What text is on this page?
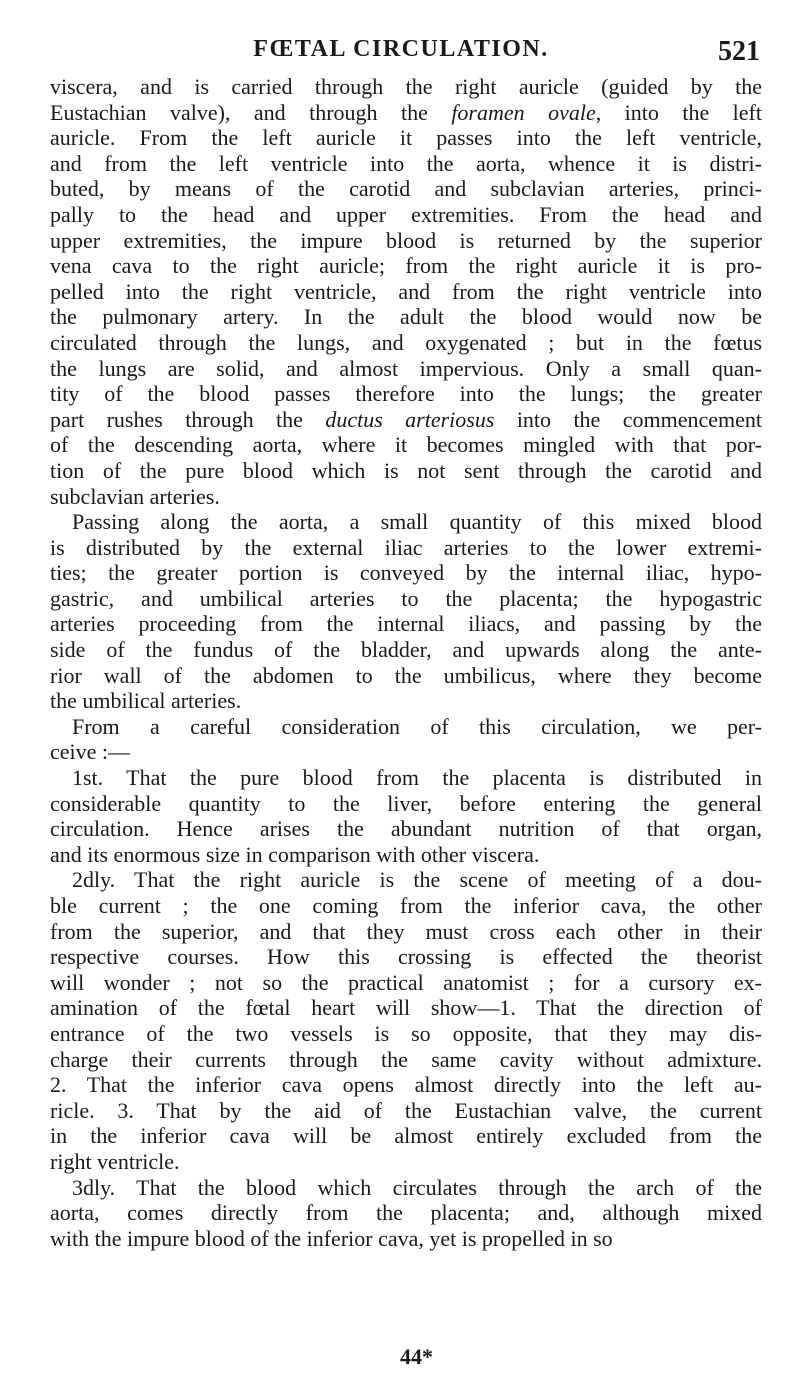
FŒTAL CIRCULATION.	521
viscera, and is carried through the right auricle (guided by the
Eustachian valve), and through the foramen ovale, into the left
auricle. From the left auricle it passes into the left ventricle,
and from the left ventricle into the aorta, whence it is distri-
buted, by means of the carotid and subclavian arteries, princi-
pally to the head and upper extremities. From the head and
upper extremities, the impure blood is returned by the superior
vena cava to the right auricle; from the right auricle it is pro-
pelled into the right ventricle, and from the right ventricle into
the pulmonary artery. In the adult the blood would now be
circulated through the lungs, and oxygenated ; but in the fœtus
the lungs are solid, and almost impervious. Only a small quan-
tity of the blood passes therefore into the lungs; the greater
part rushes through the ductus arteriosus into the commencement
of the descending aorta, where it becomes mingled with that por-
tion of the pure blood which is not sent through the carotid and
subclavian arteries.
Passing along the aorta, a small quantity of this mixed blood
is distributed by the external iliac arteries to the lower extremi-
ties; the greater portion is conveyed by the internal iliac, hypo-
gastric, and umbilical arteries to the placenta; the hypogastric
arteries proceeding from the internal iliacs, and passing by the
side of the fundus of the bladder, and upwards along the ante-
rior wall of the abdomen to the umbilicus, where they become
the umbilical arteries.
From a careful consideration of this circulation, we per-
ceive :—
1st. That the pure blood from the placenta is distributed in
considerable quantity to the liver, before entering the general
circulation. Hence arises the abundant nutrition of that organ,
and its enormous size in comparison with other viscera.
2dly. That the right auricle is the scene of meeting of a dou-
ble current ; the one coming from the inferior cava, the other
from the superior, and that they must cross each other in their
respective courses. How this crossing is effected the theorist
will wonder ; not so the practical anatomist ; for a cursory ex-
amination of the fœtal heart will show—1. That the direction of
entrance of the two vessels is so opposite, that they may dis-
charge their currents through the same cavity without admixture.
2. That the inferior cava opens almost directly into the left au-
ricle. 3. That by the aid of the Eustachian valve, the current
in the inferior cava will be almost entirely excluded from the
right ventricle.
3dly. That the blood which circulates through the arch of the
aorta, comes directly from the placenta; and, although mixed
with the impure blood of the inferior cava, yet is propelled in so
44*
